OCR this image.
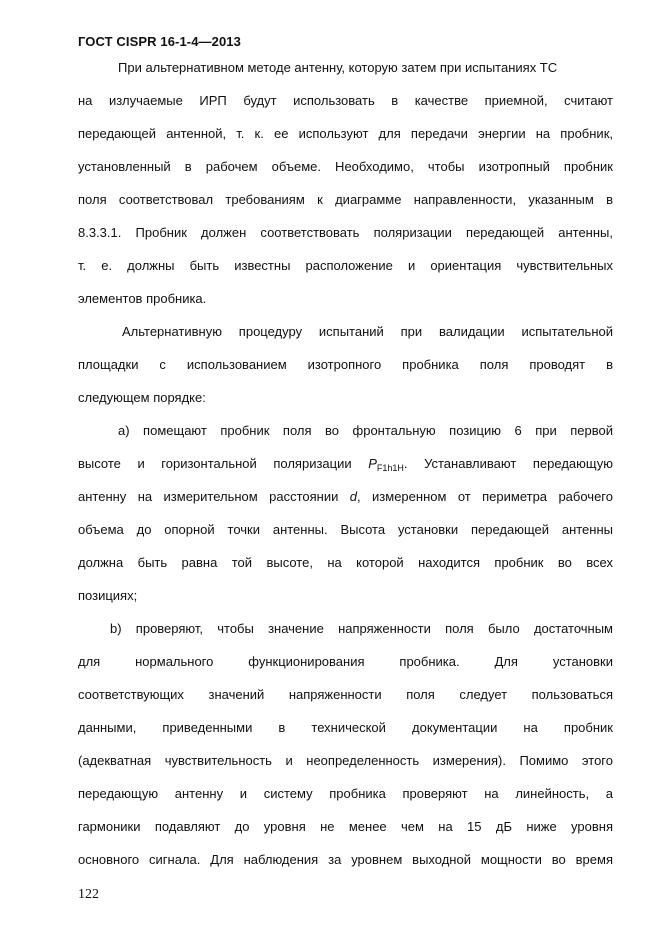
ГОСТ CISPR 16-1-4—2013
При альтернативном методе антенну, которую затем при испытаниях ТС
на излучаемые ИРП будут использовать в качестве приемной, считают
передающей антенной, т. к. ее используют для передачи энергии на пробник,
установленный в рабочем объеме. Необходимо, чтобы изотропный пробник
поля соответствовал требованиям к диаграмме направленности, указанным в
8.3.3.1. Пробник должен соответствовать поляризации передающей антенны,
т. е. должны быть известны расположение и ориентация чувствительных
элементов пробника.
Альтернативную процедуру испытаний при валидации испытательной
площадки с использованием изотропного пробника поля проводят в
следующем порядке:
а) помещают пробник поля во фронтальную позицию 6 при первой
высоте и горизонтальной поляризации $P_{F1h1H}$. Устанавливают передающую
антенну на измерительном расстоянии d, измеренном от периметра рабочего
объема до опорной точки антенны. Высота установки передающей антенны
должна быть равна той высоте, на которой находится пробник во всех
позициях;
b) проверяют, чтобы значение напряженности поля было достаточным
для нормального функционирования пробника. Для установки
соответствующих значений напряженности поля следует пользоваться
данными, приведенными в технической документации на пробник
(адекватная чувствительность и неопределенность измерения). Помимо этого
передающую антенну и систему пробника проверяют на линейность, а
гармоники подавляют до уровня не менее чем на 15 дБ ниже уровня
основного сигнала. Для наблюдения за уровнем выходной мощности во время
122
